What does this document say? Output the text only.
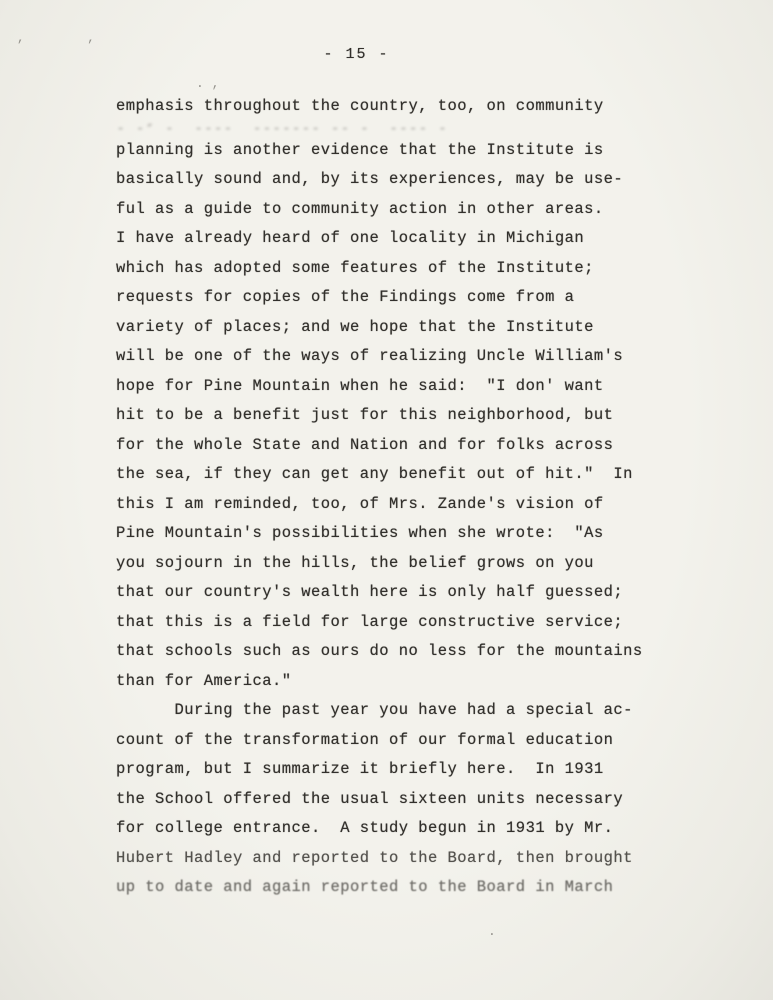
’        ’
- 15 -
. ,
emphasis throughout the country, too, on community
· ·’ ·  ····  ······· ·· ·  ···· ·
planning is another evidence that the Institute is
basically sound and, by its experiences, may be use-
ful as a guide to community action in other areas.
I have already heard of one locality in Michigan
which has adopted some features of the Institute;
requests for copies of the Findings come from a
variety of places; and we hope that the Institute
will be one of the ways of realizing Uncle William's
hope for Pine Mountain when he said:  "I don' want
hit to be a benefit just for this neighborhood, but
for the whole State and Nation and for folks across
the sea, if they can get any benefit out of hit."  In
this I am reminded, too, of Mrs. Zande's vision of
Pine Mountain's possibilities when she wrote:  "As
you sojourn in the hills, the belief grows on you
that our country's wealth here is only half guessed;
that this is a field for large constructive service;
that schools such as ours do no less for the mountains
than for America."
During the past year you have had a special ac-
count of the transformation of our formal education
program, but I summarize it briefly here.  In 1931
the School offered the usual sixteen units necessary
for college entrance.  A study begun in 1931 by Mr.
Hubert Hadley and reported to the Board, then brought
up to date and again reported to the Board in March
.
